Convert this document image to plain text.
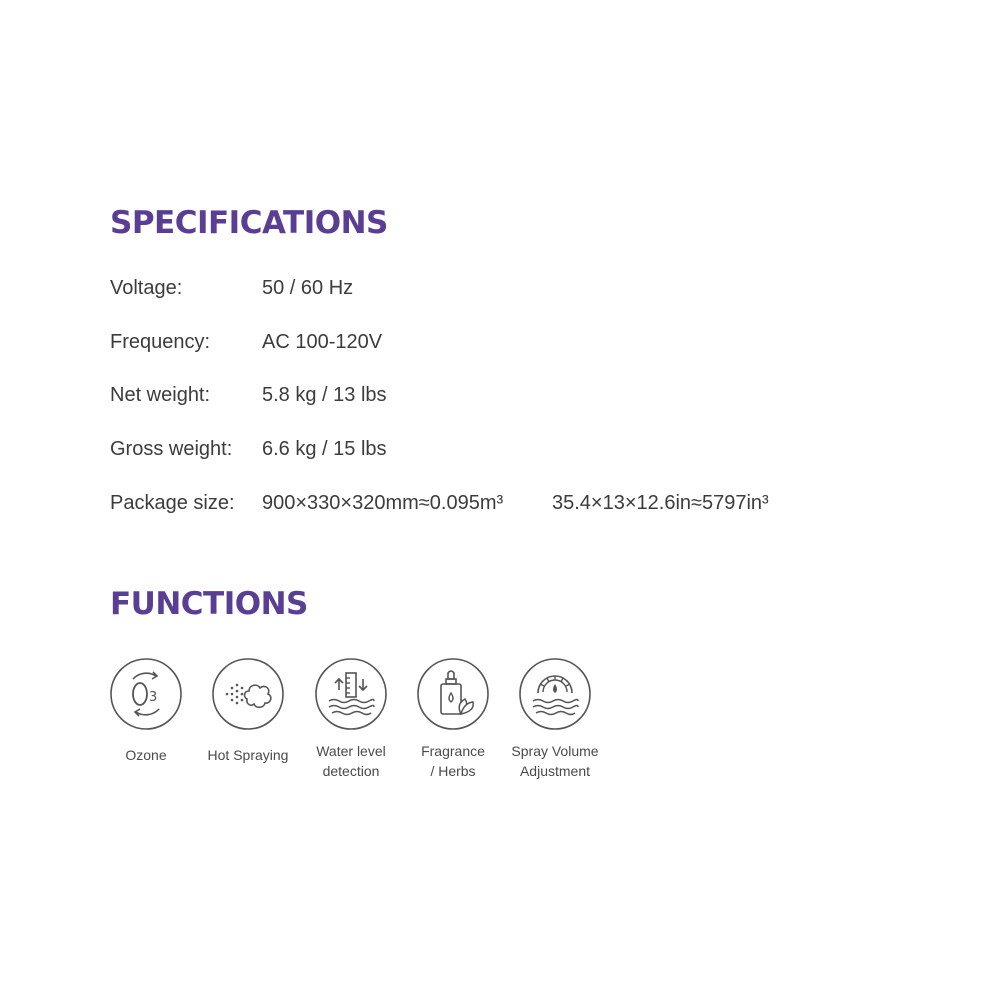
SPECIFICATIONS
Voltage:	50 / 60 Hz
Frequency:	AC 100-120V
Net weight:	5.8 kg / 13 lbs
Gross weight: 6.6 kg / 15 lbs
Package size: 900×330×320mm≈0.095m³ 35.4×13×12.6in≈5797in³
FUNCTIONS
3
Ozone	Hot Spraying	Water level
detection
Fragrance
/ Herbs
Spray Volume
Adjustment
